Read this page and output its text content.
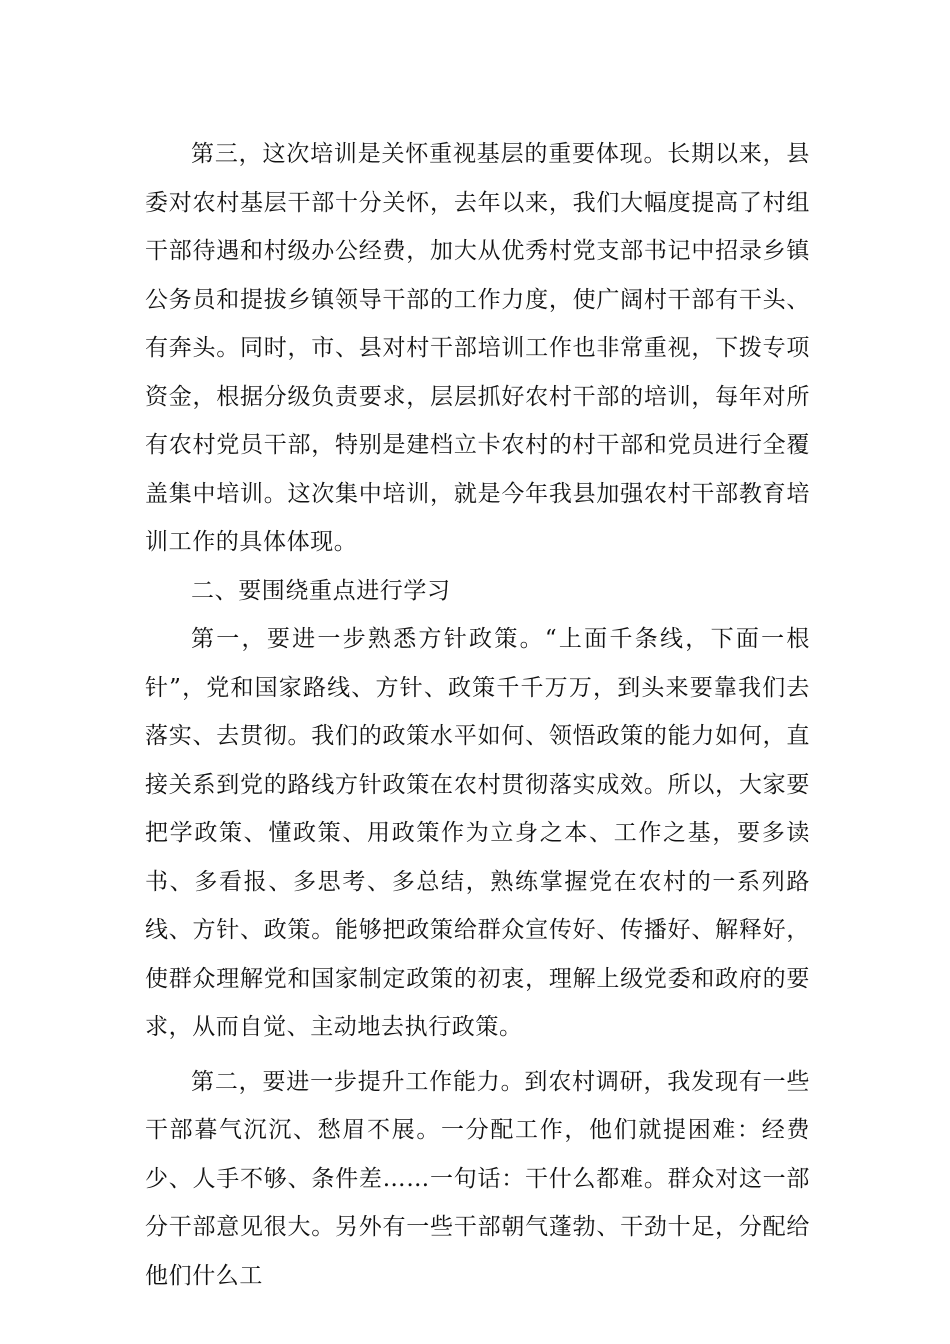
第三，这次培训是关怀重视基层的重要体现。长期以来，县委对农村基层干部十分关怀，去年以来，我们大幅度提高了村组干部待遇和村级办公经费，加大从优秀村党支部书记中招录乡镇公务员和提拔乡镇领导干部的工作力度，使广阔村干部有干头、有奔头。同时，市、县对村干部培训工作也非常重视，下拨专项资金，根据分级负责要求，层层抓好农村干部的培训，每年对所有农村党员干部，特别是建档立卡农村的村干部和党员进行全覆盖集中培训。这次集中培训，就是今年我县加强农村干部教育培训工作的具体体现。

二、要围绕重点进行学习

第一，要进一步熟悉方针政策。“上面千条线，下面一根针”，党和国家路线、方针、政策千千万万，到头来要靠我们去落实、去贯彻。我们的政策水平如何、领悟政策的能力如何，直接关系到党的路线方针政策在农村贯彻落实成效。所以，大家要把学政策、懂政策、用政策作为立身之本、工作之基，要多读书、多看报、多思考、多总结，熟练掌握党在农村的一系列路线、方针、政策。能够把政策给群众宣传好、传播好、解释好，使群众理解党和国家制定政策的初衷，理解上级党委和政府的要求，从而自觉、主动地去执行政策。

第二，要进一步提升工作能力。到农村调研，我发现有一些干部暮气沉沉、愁眉不展。一分配工作，他们就提困难：经费少、人手不够、条件差……一句话：干什么都难。群众对这一部分干部意见很大。另外有一些干部朝气蓬勃、干劲十足，分配给他们什么工
